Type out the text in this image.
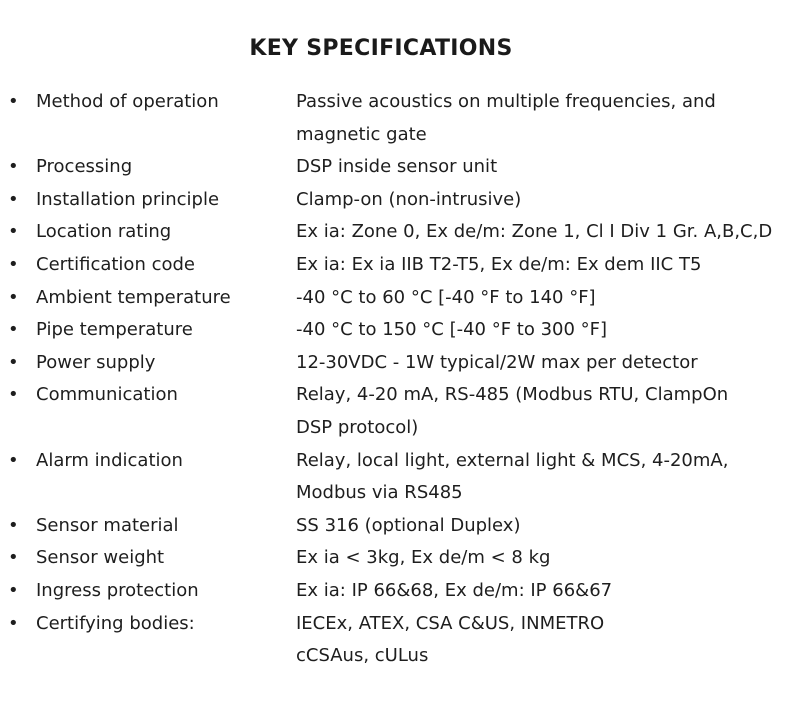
KEY SPECIFICATIONS
• Method of operation	Passive acoustics on multiple frequencies, and
magnetic gate
• Processing	DSP inside sensor unit
• Installation principle	Clamp-on (non-intrusive)
• Location rating	Ex ia: Zone 0, Ex de/m: Zone 1, Cl I Div 1 Gr. A,B,C,D
• Certification code	Ex ia: Ex ia IIB T2-T5, Ex de/m: Ex dem IIC T5
• Ambient temperature	-40 °C to 60 °C [-40 °F to 140 °F]
• Pipe temperature	-40 °C to 150 °C [-40 °F to 300 °F]
• Power supply	12-30VDC - 1W typical/2W max per detector
• Communication	Relay, 4-20 mA, RS-485 (Modbus RTU, ClampOn
DSP protocol)
• Alarm indication	Relay, local light, external light & MCS, 4-20mA,
Modbus via RS485
• Sensor material	SS 316 (optional Duplex)
• Sensor weight	Ex ia < 3kg, Ex de/m < 8 kg
• Ingress protection	Ex ia: IP 66&68, Ex de/m: IP 66&67
• Certifying bodies:	IECEx, ATEX, CSA C&US, INMETRO
cCSAus, cULus
